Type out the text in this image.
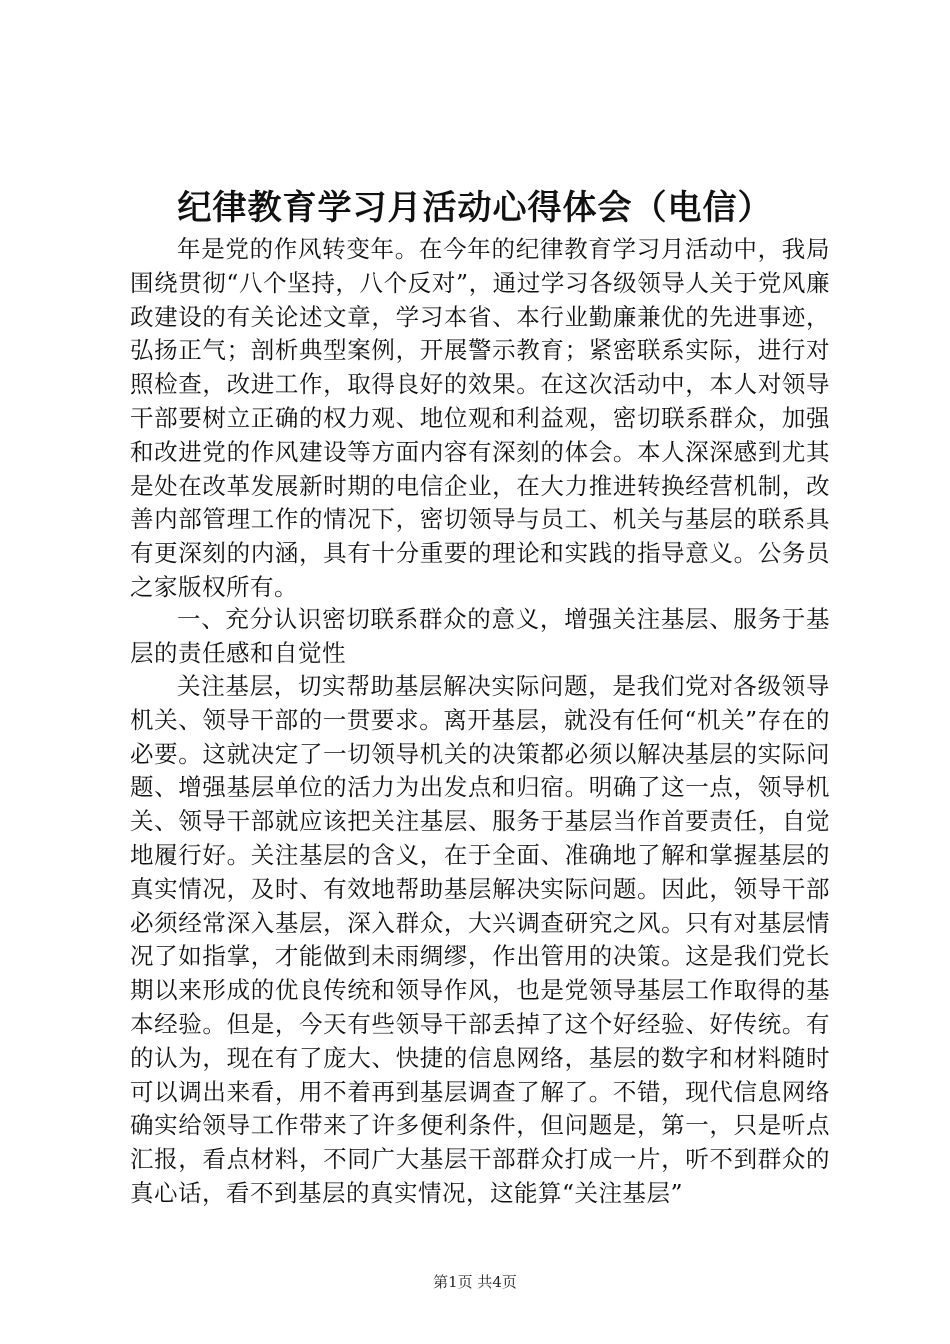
纪律教育学习月活动心得体会（电信）

年是党的作风转变年。在今年的纪律教育学习月活动中，我局围绕贯彻“八个坚持，八个反对”，通过学习各级领导人关于党风廉政建设的有关论述文章，学习本省、本行业勤廉兼优的先进事迹，弘扬正气；剖析典型案例，开展警示教育；紧密联系实际，进行对照检查，改进工作，取得良好的效果。在这次活动中，本人对领导干部要树立正确的权力观、地位观和利益观，密切联系群众，加强和改进党的作风建设等方面内容有深刻的体会。本人深深感到尤其是处在改革发展新时期的电信企业，在大力推进转换经营机制，改善内部管理工作的情况下，密切领导与员工、机关与基层的联系具有更深刻的内涵，具有十分重要的理论和实践的指导意义。公务员之家版权所有。

一、充分认识密切联系群众的意义，增强关注基层、服务于基层的责任感和自觉性

关注基层，切实帮助基层解决实际问题，是我们党对各级领导机关、领导干部的一贯要求。离开基层，就没有任何“机关”存在的必要。这就决定了一切领导机关的决策都必须以解决基层的实际问题、增强基层单位的活力为出发点和归宿。明确了这一点，领导机关、领导干部就应该把关注基层、服务于基层当作首要责任，自觉地履行好。关注基层的含义，在于全面、准确地了解和掌握基层的真实情况，及时、有效地帮助基层解决实际问题。因此，领导干部必须经常深入基层，深入群众，大兴调查研究之风。只有对基层情况了如指掌，才能做到未雨绸缪，作出管用的决策。这是我们党长期以来形成的优良传统和领导作风，也是党领导基层工作取得的基本经验。但是，今天有些领导干部丢掉了这个好经验、好传统。有的认为，现在有了庞大、快捷的信息网络，基层的数字和材料随时可以调出来看，用不着再到基层调查了解了。不错，现代信息网络确实给领导工作带来了许多便利条件，但问题是，第一，只是听点汇报，看点材料，不同广大基层干部群众打成一片，听不到群众的真心话，看不到基层的真实情况，这能算“关注基层”

第1页 共4页
